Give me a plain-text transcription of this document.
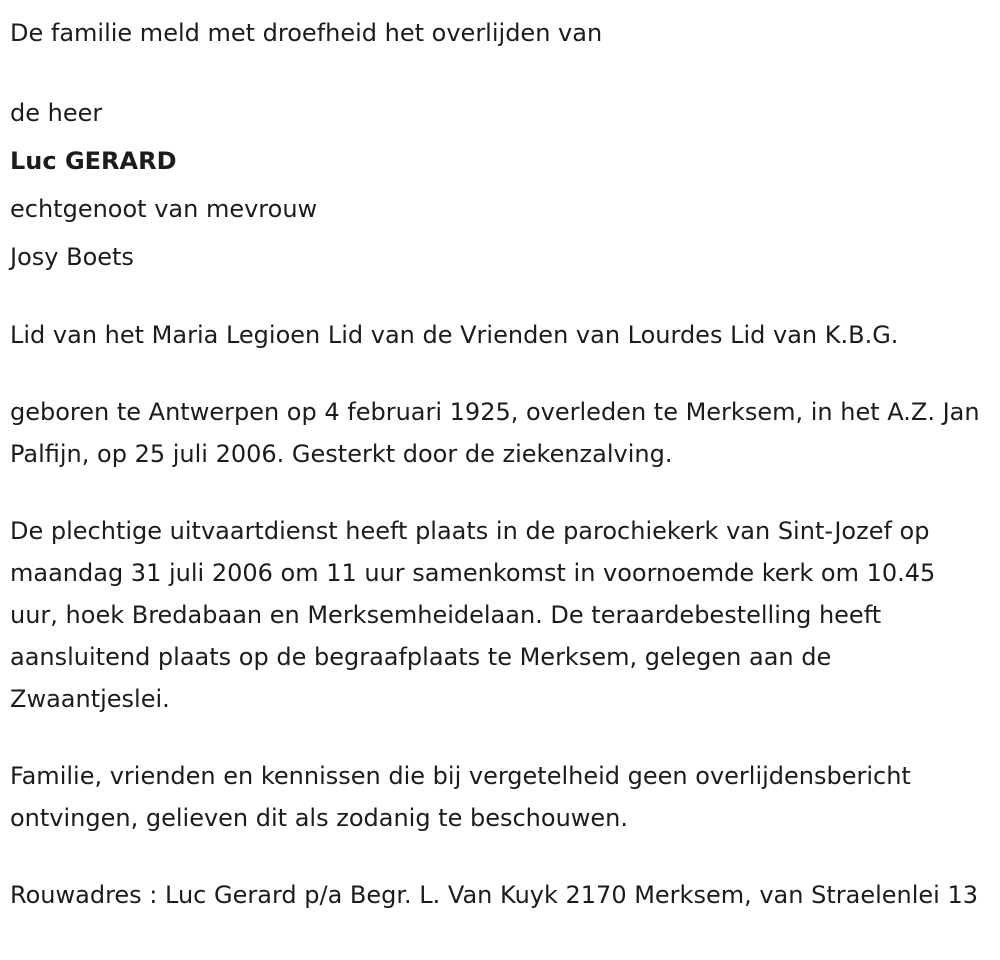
De familie meld met droefheid het overlijden van

de heer

Luc GERARD

echtgenoot van mevrouw

Josy Boets

Lid van het Maria Legioen Lid van de Vrienden van Lourdes Lid van K.B.G.

geboren te Antwerpen op 4 februari 1925, overleden te Merksem, in het A.Z. Jan Palfijn, op 25 juli 2006. Gesterkt door de ziekenzalving.

De plechtige uitvaartdienst heeft plaats in de parochiekerk van Sint-Jozef op maandag 31 juli 2006 om 11 uur samenkomst in voornoemde kerk om 10.45 uur, hoek Bredabaan en Merksemheidelaan. De teraardebestelling heeft aansluitend plaats op de begraafplaats te Merksem, gelegen aan de Zwaantjeslei.

Familie, vrienden en kennissen die bij vergetelheid geen overlijdensbericht ontvingen, gelieven dit als zodanig te beschouwen.

Rouwadres : Luc Gerard p/a Begr. L. Van Kuyk 2170 Merksem, van Straelenlei 13
